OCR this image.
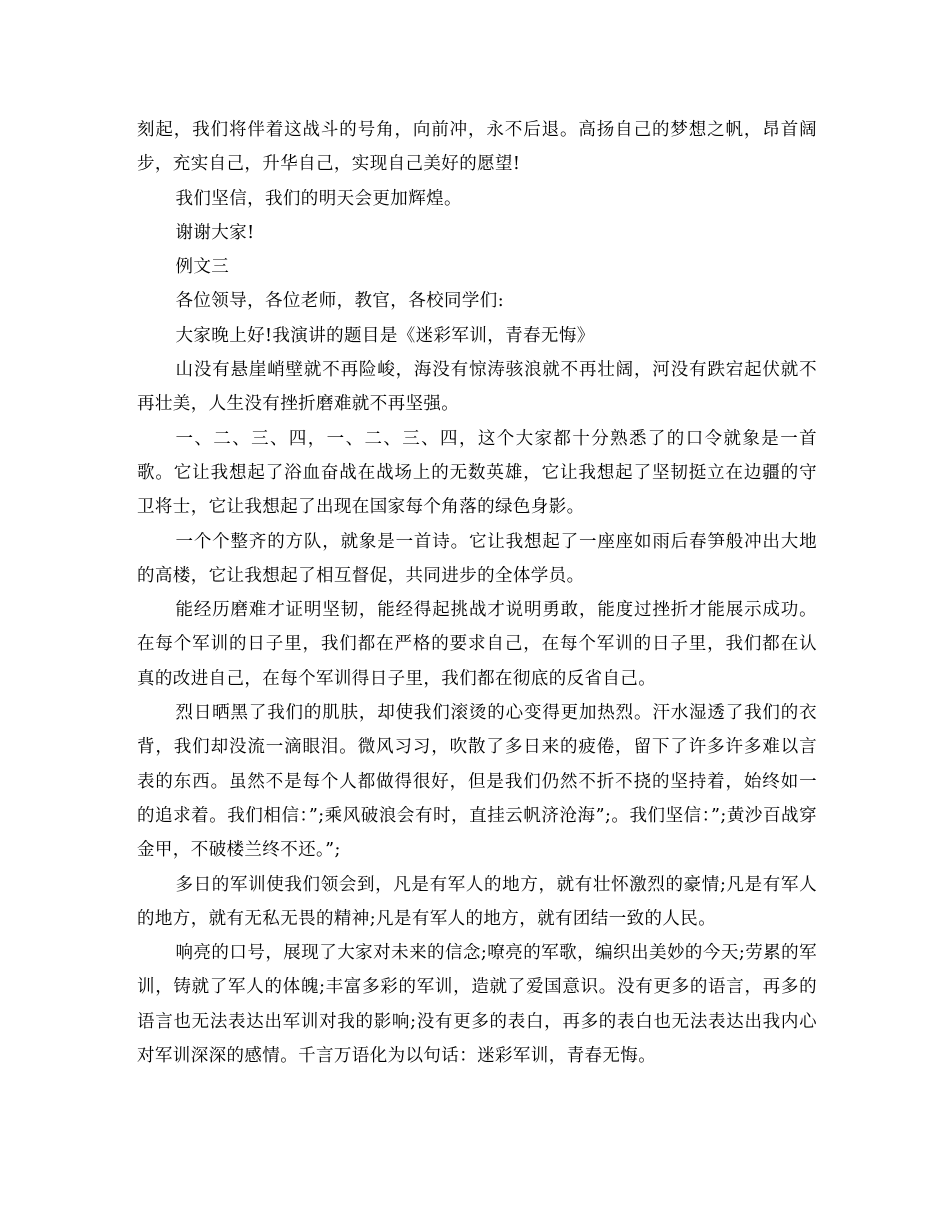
刻起，我们将伴着这战斗的号角，向前冲，永不后退。高扬自己的梦想之帆，昂首阔步，充实自己，升华自己，实现自己美好的愿望!

我们坚信，我们的明天会更加辉煌。

谢谢大家!

例文三

各位领导，各位老师，教官，各校同学们:

大家晚上好!我演讲的题目是《迷彩军训，青春无悔》

山没有悬崖峭壁就不再险峻，海没有惊涛骇浪就不再壮阔，河没有跌宕起伏就不再壮美，人生没有挫折磨难就不再坚强。

一、二、三、四，一、二、三、四，这个大家都十分熟悉了的口令就象是一首歌。它让我想起了浴血奋战在战场上的无数英雄，它让我想起了坚韧挺立在边疆的守卫将士，它让我想起了出现在国家每个角落的绿色身影。

一个个整齐的方队，就象是一首诗。它让我想起了一座座如雨后春笋般冲出大地的高楼，它让我想起了相互督促，共同进步的全体学员。

能经历磨难才证明坚韧，能经得起挑战才说明勇敢，能度过挫折才能展示成功。在每个军训的日子里，我们都在严格的要求自己，在每个军训的日子里，我们都在认真的改进自己，在每个军训得日子里，我们都在彻底的反省自己。

烈日晒黑了我们的肌肤，却使我们滚烫的心变得更加热烈。汗水湿透了我们的衣背，我们却没流一滴眼泪。微风习习，吹散了多日来的疲倦，留下了许多许多难以言表的东西。虽然不是每个人都做得很好，但是我们仍然不折不挠的坚持着，始终如一的追求着。我们相信：”;乘风破浪会有时，直挂云帆济沧海”;。我们坚信：”;黄沙百战穿金甲，不破楼兰终不还。”;

多日的军训使我们领会到，凡是有军人的地方，就有壮怀激烈的豪情;凡是有军人的地方，就有无私无畏的精神;凡是有军人的地方，就有团结一致的人民。

响亮的口号，展现了大家对未来的信念;嘹亮的军歌，编织出美妙的今天;劳累的军训，铸就了军人的体魄;丰富多彩的军训，造就了爱国意识。没有更多的语言，再多的语言也无法表达出军训对我的影响;没有更多的表白，再多的表白也无法表达出我内心对军训深深的感情。千言万语化为以句话：迷彩军训，青春无悔。
